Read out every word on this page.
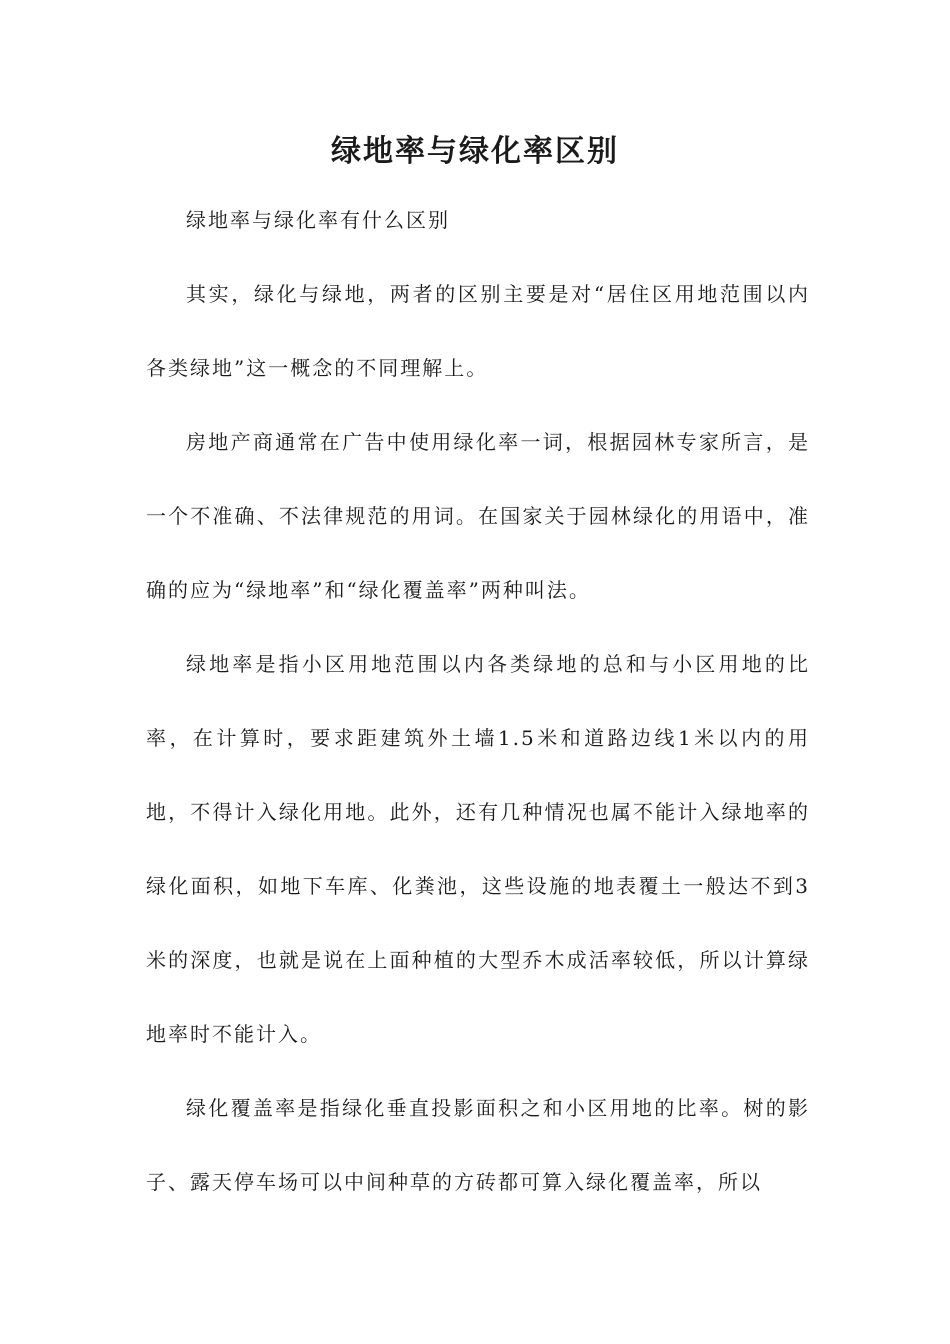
绿地率与绿化率区别

绿地率与绿化率有什么区别

其实，绿化与绿地，两者的区别主要是对“居住区用地范围以内各类绿地”这一概念的不同理解上。

房地产商通常在广告中使用绿化率一词，根据园林专家所言，是一个不准确、不法律规范的用词。在国家关于园林绿化的用语中，准确的应为“绿地率”和“绿化覆盖率”两种叫法。

绿地率是指小区用地范围以内各类绿地的总和与小区用地的比率，在计算时，要求距建筑外土墙1.5米和道路边线1米以内的用地，不得计入绿化用地。此外，还有几种情况也属不能计入绿地率的绿化面积，如地下车库、化粪池，这些设施的地表覆土一般达不到3米的深度，也就是说在上面种植的大型乔木成活率较低，所以计算绿地率时不能计入。

绿化覆盖率是指绿化垂直投影面积之和小区用地的比率。树的影子、露天停车场可以中间种草的方砖都可算入绿化覆盖率，所以
